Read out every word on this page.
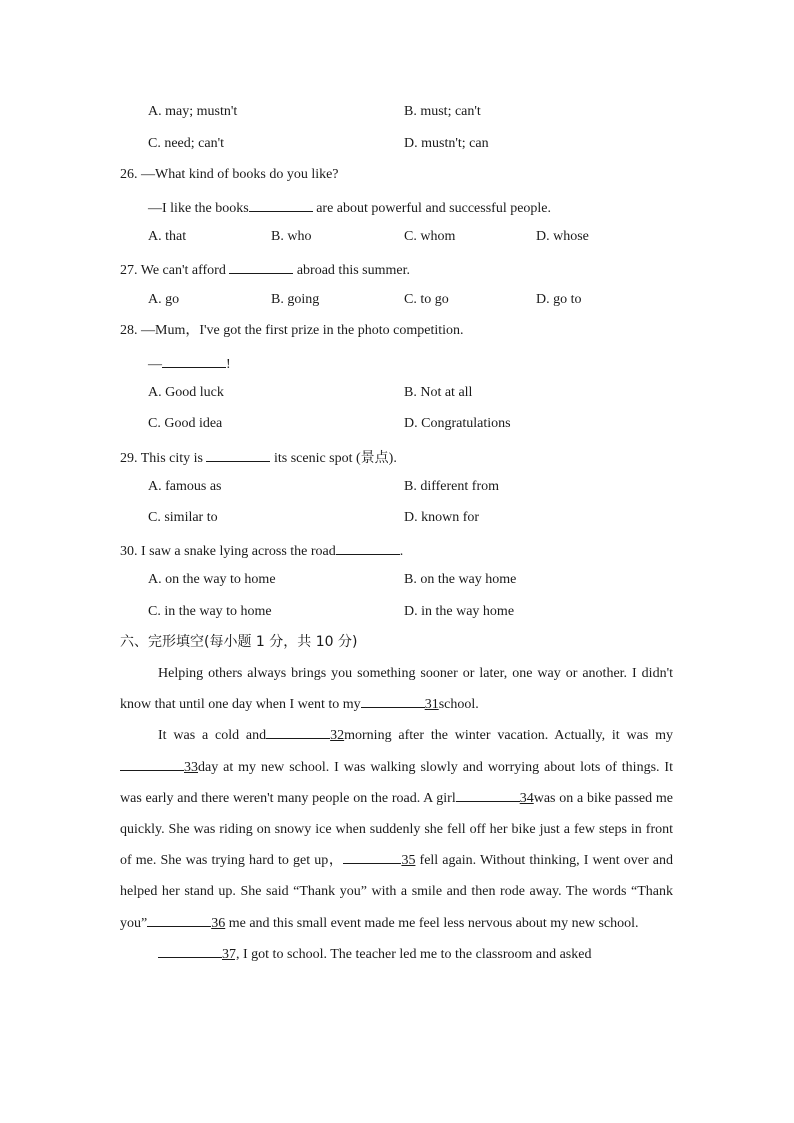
A. may; mustn't	B. must; can't
C. need; can't	D. mustn't; can
26. —What kind of books do you like?
—I like the books	are about powerful and successful people.
A. that	B. who	C. whom	D. whose
27. We can't afford	abroad this summer.
A. go	B. going	C. to go	D. go to
28. —Mum，I've got the first prize in the photo competition.
—	!
A. Good luck	B. Not at all
C. Good idea	D. Congratulations
29. This city is	its scenic spot (景点).
A. famous as	B. different from
C. similar to	D. known for
30. I saw a snake lying across the road	.
A. on the way to home	B. on the way home
C. in the way to home	D. in the way home
六、完形填空(每小题 1 分，共 10 分)

Helping others always brings you something sooner or later, one way or another. I didn't know that until one day when I went to my	31school.

It was a cold and	32morning after the winter vacation. Actually, it was my33day at my new school. I was walking slowly and worrying about lots of things. It was early and there weren't many people on the road. A girl	34was on a bike passed me quickly. She was riding on snowy ice when suddenly she fell off her bike just a few steps in front of me. She was trying hard to get up，	35 fell again. Without thinking, I went over and helped her stand up. She said “Thank you” with a smile and then rode away. The words “Thank you”	36 me and this small event made me feel less nervous about my new school.

37, I got to school. The teacher led me to the classroom and asked
